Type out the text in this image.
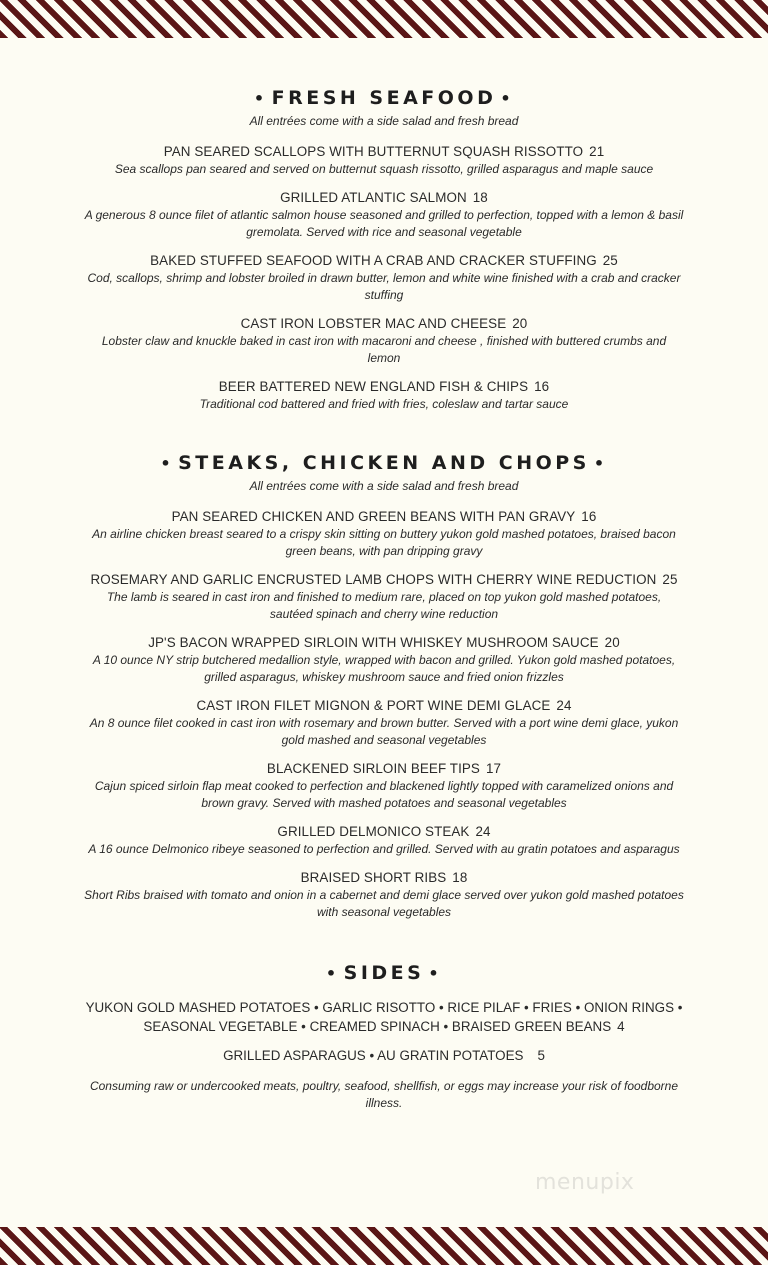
• FRESH SEAFOOD •

All entrées come with a side salad and fresh bread

PAN SEARED SCALLOPS WITH BUTTERNUT SQUASH RISSOTTO 21

Sea scallops pan seared and served on butternut squash rissotto, grilled asparagus and maple sauce

GRILLED ATLANTIC SALMON 18

A generous 8 ounce filet of atlantic salmon house seasoned and grilled to perfection, topped with a lemon & basil gremolata. Served with rice and seasonal vegetable

BAKED STUFFED SEAFOOD WITH A CRAB AND CRACKER STUFFING 25

Cod, scallops, shrimp and lobster broiled in drawn butter, lemon and white wine finished with a crab and cracker stuffing

CAST IRON LOBSTER MAC AND CHEESE 20

Lobster claw and knuckle baked in cast iron with macaroni and cheese , finished with buttered crumbs and lemon

BEER BATTERED NEW ENGLAND FISH & CHIPS 16

Traditional cod battered and fried with fries, coleslaw and tartar sauce

• STEAKS, CHICKEN AND CHOPS •

All entrées come with a side salad and fresh bread

PAN SEARED CHICKEN AND GREEN BEANS WITH PAN GRAVY 16

An airline chicken breast seared to a crispy skin sitting on buttery yukon gold mashed potatoes, braised bacon green beans, with pan dripping gravy

ROSEMARY AND GARLIC ENCRUSTED LAMB CHOPS WITH CHERRY WINE REDUCTION 25

The lamb is seared in cast iron and finished to medium rare, placed on top yukon gold mashed potatoes, sautéed spinach and cherry wine reduction

JP'S BACON WRAPPED SIRLOIN WITH WHISKEY MUSHROOM SAUCE 20

A 10 ounce NY strip butchered medallion style, wrapped with bacon and grilled. Yukon gold mashed potatoes, grilled asparagus, whiskey mushroom sauce and fried onion frizzles

CAST IRON FILET MIGNON & PORT WINE DEMI GLACE 24

An 8 ounce filet cooked in cast iron with rosemary and brown butter. Served with a port wine demi glace, yukon gold mashed and seasonal vegetables

BLACKENED SIRLOIN BEEF TIPS 17

Cajun spiced sirloin flap meat cooked to perfection and blackened lightly topped with caramelized onions and brown gravy. Served with mashed potatoes and seasonal vegetables

GRILLED DELMONICO STEAK 24

A 16 ounce Delmonico ribeye seasoned to perfection and grilled. Served with au gratin potatoes and asparagus

BRAISED SHORT RIBS 18

Short Ribs braised with tomato and onion in a cabernet and demi glace served over yukon gold mashed potatoes with seasonal vegetables

• SIDES •

YUKON GOLD MASHED POTATOES • GARLIC RISOTTO • RICE PILAF • FRIES • ONION RINGS • SEASONAL VEGETABLE • CREAMED SPINACH • BRAISED GREEN BEANS 4

GRILLED ASPARAGUS • AU GRATIN POTATOES 5

Consuming raw or undercooked meats, poultry, seafood, shellfish, or eggs may increase your risk of foodborne illness.

menupix
